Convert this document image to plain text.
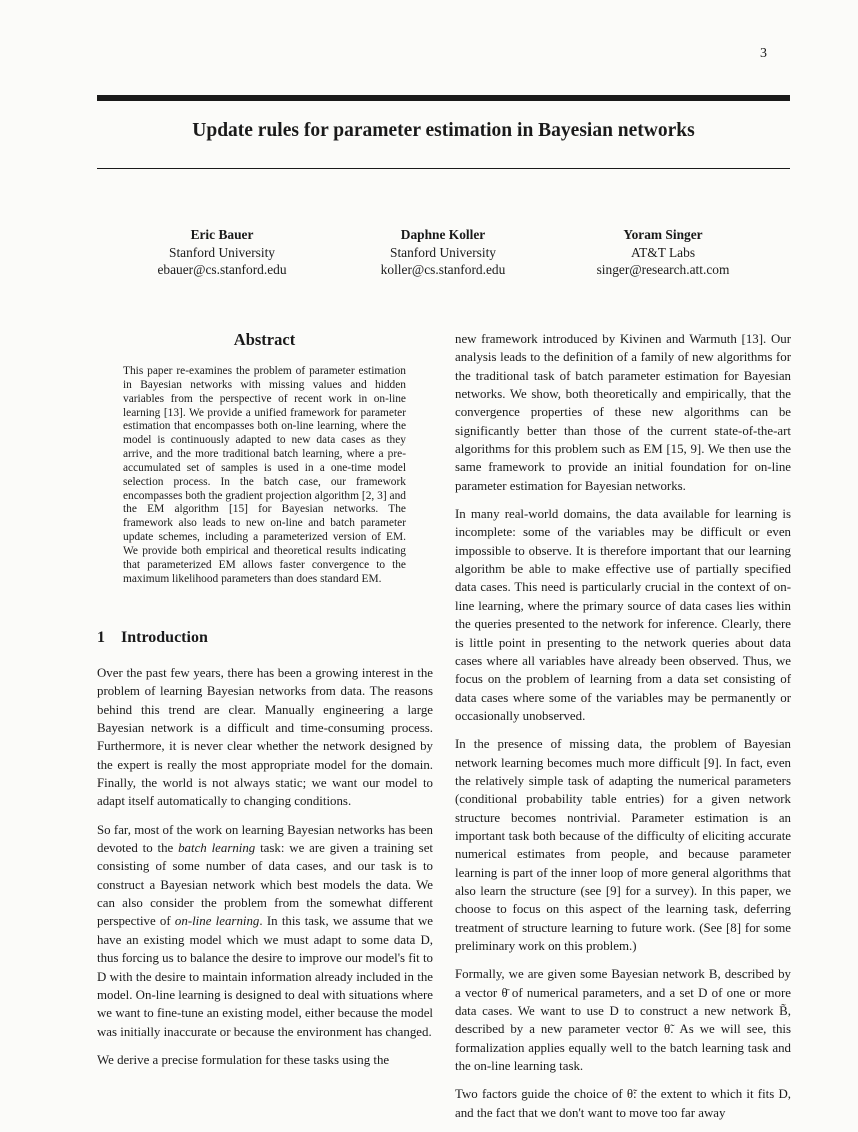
3
Update rules for parameter estimation in Bayesian networks
Eric Bauer
Stanford University
ebauer@cs.stanford.edu
Daphne Koller
Stanford University
koller@cs.stanford.edu
Yoram Singer
AT&T Labs
singer@research.att.com
Abstract
This paper re-examines the problem of parameter estimation in Bayesian networks with missing values and hidden variables from the perspective of recent work in on-line learning [13]. We provide a unified framework for parameter estimation that encompasses both on-line learning, where the model is continuously adapted to new data cases as they arrive, and the more traditional batch learning, where a pre-accumulated set of samples is used in a one-time model selection process. In the batch case, our framework encompasses both the gradient projection algorithm [2, 3] and the EM algorithm [15] for Bayesian networks. The framework also leads to new on-line and batch parameter update schemes, including a parameterized version of EM. We provide both empirical and theoretical results indicating that parameterized EM allows faster convergence to the maximum likelihood parameters than does standard EM.
1 Introduction

Over the past few years, there has been a growing interest in the problem of learning Bayesian networks from data. The reasons behind this trend are clear. Manually engineering a large Bayesian network is a difficult and time-consuming process. Furthermore, it is never clear whether the network designed by the expert is really the most appropriate model for the domain. Finally, the world is not always static; we want our model to adapt itself automatically to changing conditions.

So far, most of the work on learning Bayesian networks has been devoted to the batch learning task: we are given a training set consisting of some number of data cases, and our task is to construct a Bayesian network which best models the data. We can also consider the problem from the somewhat different perspective of on-line learning. In this task, we assume that we have an existing model which we must adapt to some data D, thus forcing us to balance the desire to improve our model's fit to D with the desire to maintain information already included in the model. On-line learning is designed to deal with situations where we want to fine-tune an existing model, either because the model was initially inaccurate or because the environment has changed.

We derive a precise formulation for these tasks using the

new framework introduced by Kivinen and Warmuth [13]. Our analysis leads to the definition of a family of new algorithms for the traditional task of batch parameter estimation for Bayesian networks. We show, both theoretically and empirically, that the convergence properties of these new algorithms can be significantly better than those of the current state-of-the-art algorithms for this problem such as EM [15, 9]. We then use the same framework to provide an initial foundation for on-line parameter estimation for Bayesian networks.

In many real-world domains, the data available for learning is incomplete: some of the variables may be difficult or even impossible to observe. It is therefore important that our learning algorithm be able to make effective use of partially specified data cases. This need is particularly crucial in the context of on-line learning, where the primary source of data cases lies within the queries presented to the network for inference. Clearly, there is little point in presenting to the network queries about data cases where all variables have already been observed. Thus, we focus on the problem of learning from a data set consisting of data cases where some of the variables may be permanently or occasionally unobserved.

In the presence of missing data, the problem of Bayesian network learning becomes much more difficult [9]. In fact, even the relatively simple task of adapting the numerical parameters (conditional probability table entries) for a given network structure becomes nontrivial. Parameter estimation is an important task both because of the difficulty of eliciting accurate numerical estimates from people, and because parameter learning is part of the inner loop of more general algorithms that also learn the structure (see [9] for a survey). In this paper, we choose to focus on this aspect of the learning task, deferring treatment of structure learning to future work. (See [8] for some preliminary work on this problem.)

Formally, we are given some Bayesian network B, described by a vector θ̄ of numerical parameters, and a set D of one or more data cases. We want to use D to construct a new network B̃, described by a new parameter vector θ̃. As we will see, this formalization applies equally well to the batch learning task and the on-line learning task.

Two factors guide the choice of θ̃: the extent to which it fits D, and the fact that we don't want to move too far away
